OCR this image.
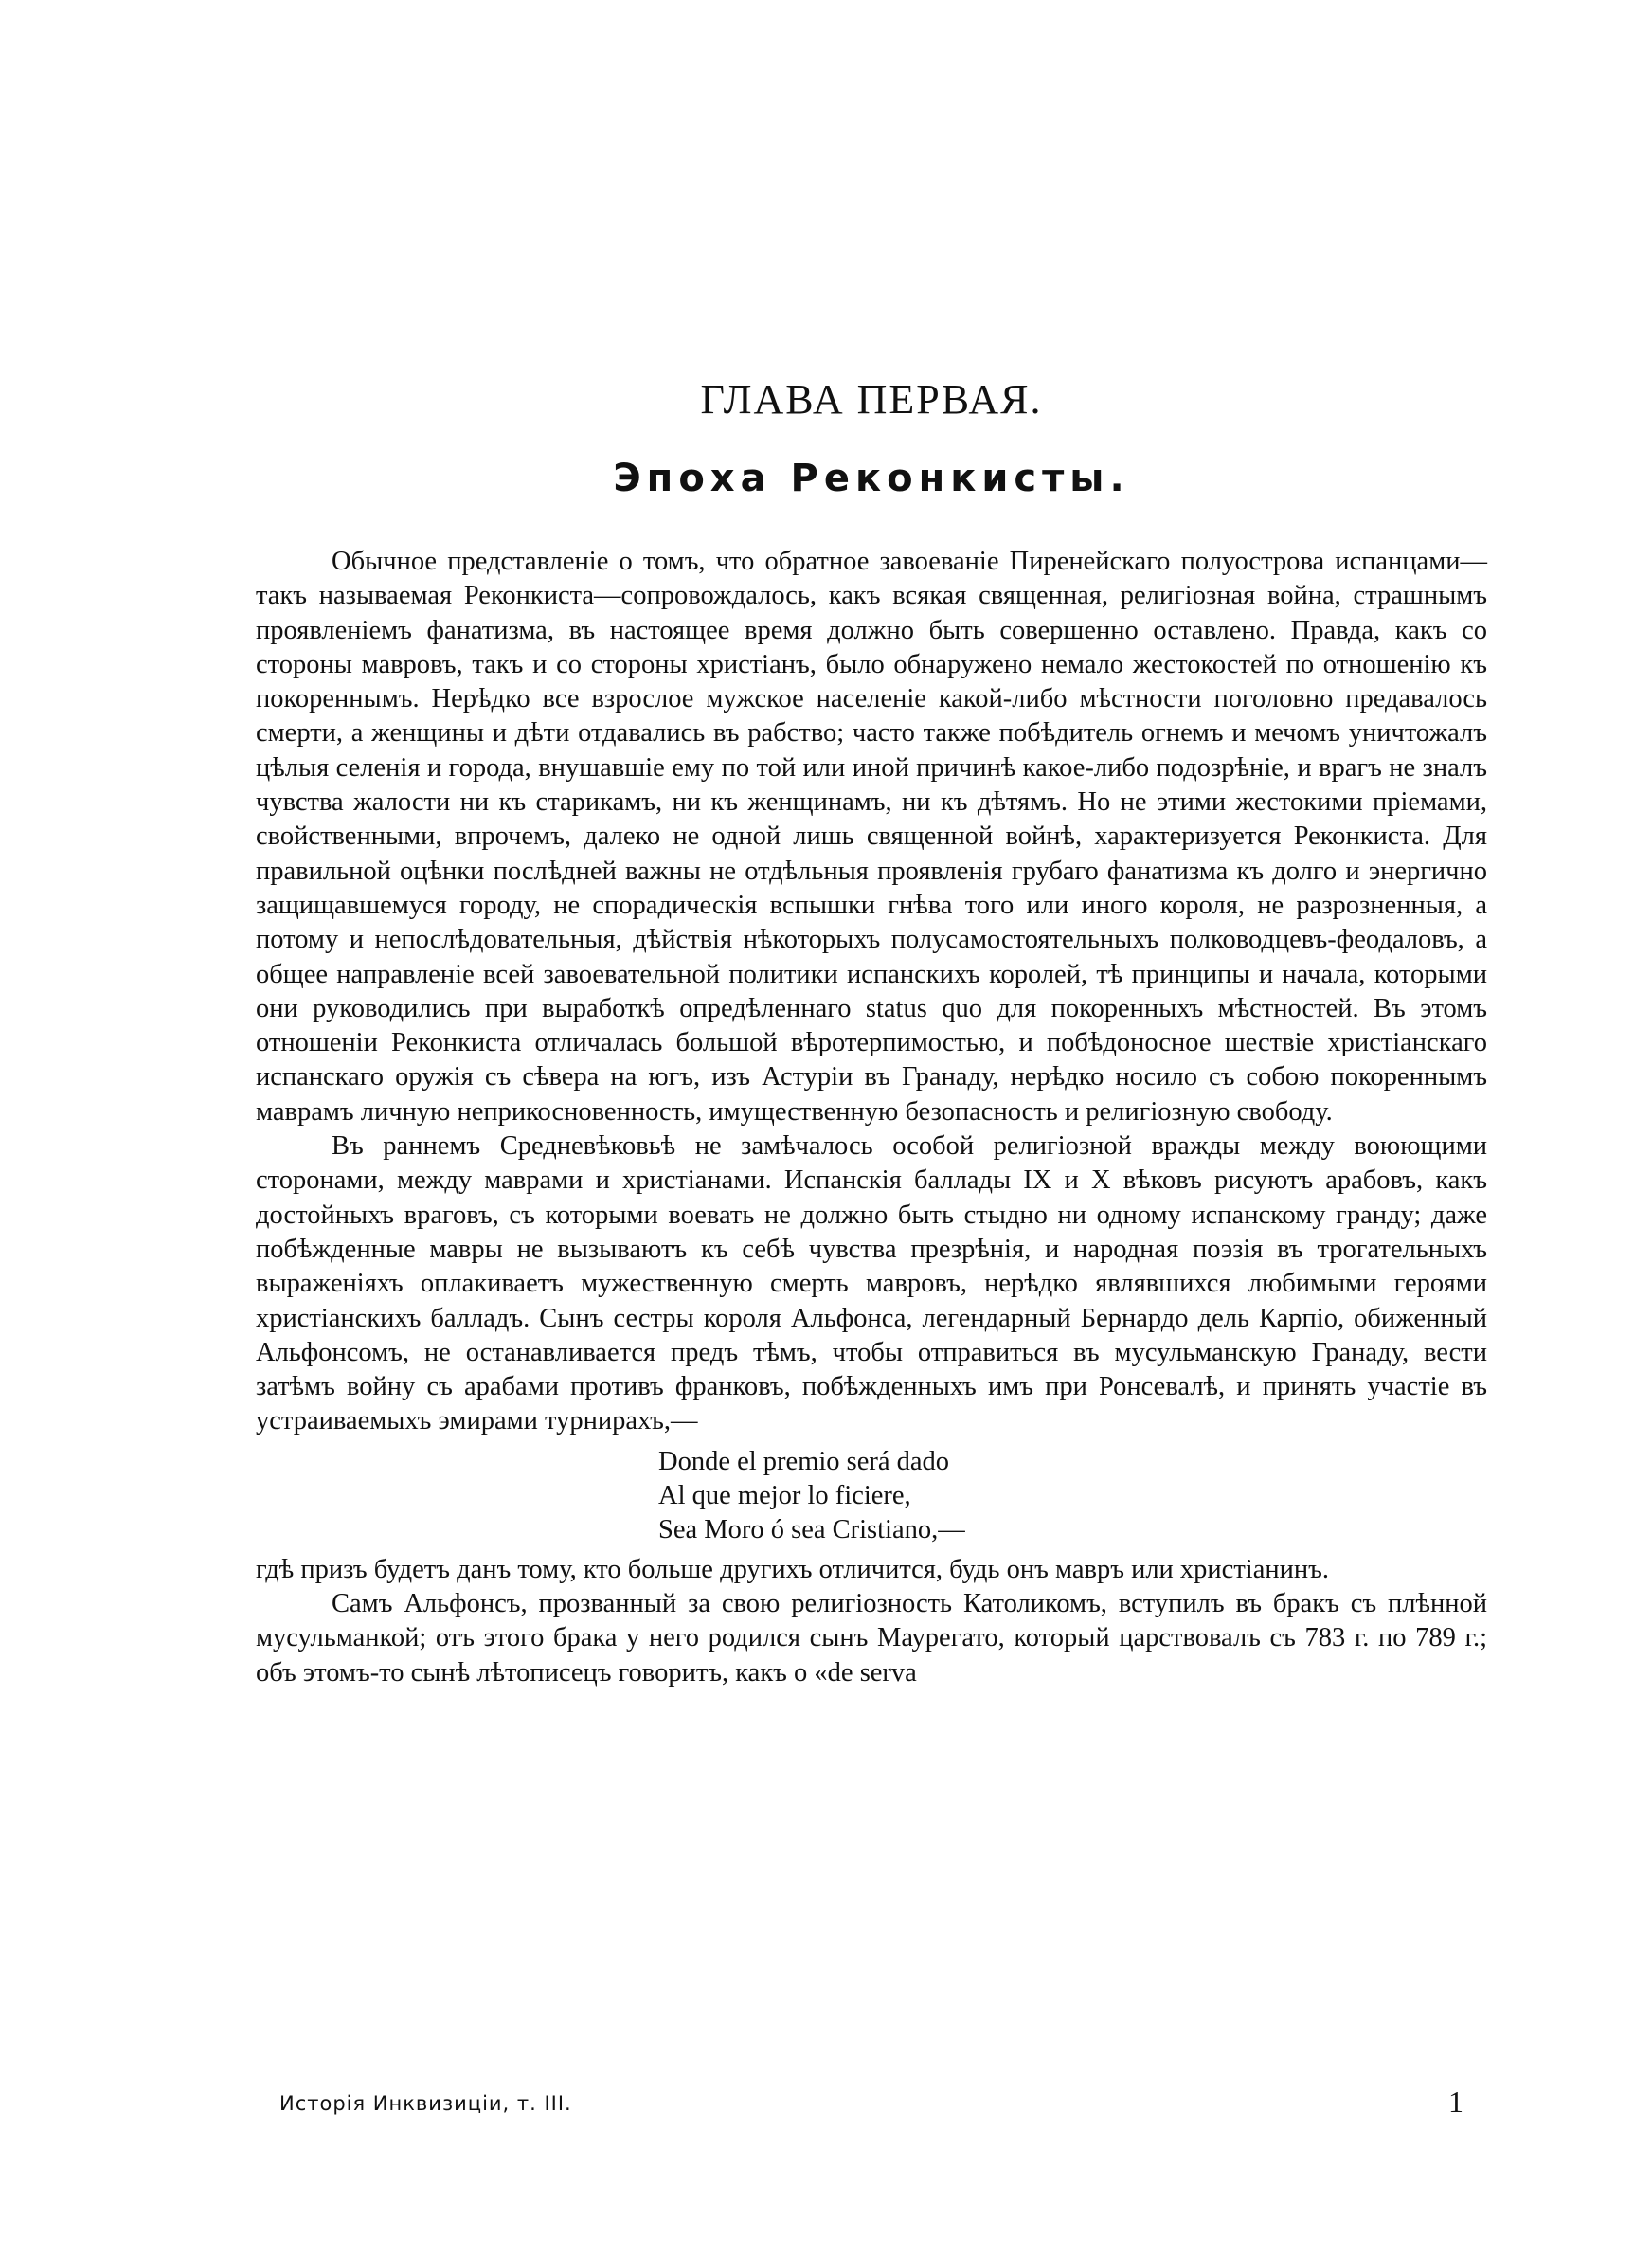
ГЛАВА ПЕРВАЯ.
Эпоха Реконкисты.

Обычное представленіе о томъ, что обратное завоеваніе Пиренейскаго полуострова испанцами—такъ называемая Реконкиста—сопровождалось, какъ всякая священная, религіозная война, страшнымъ проявленіемъ фанатизма, въ настоящее время должно быть совершенно оставлено. Правда, какъ со стороны мавровъ, такъ и со стороны христіанъ, было обнаружено немало жестокостей по отношенію къ покореннымъ. Нерѣдко все взрослое мужское населеніе какой-либо мѣстности поголовно предавалось смерти, а женщины и дѣти отдавались въ рабство; часто также побѣдитель огнемъ и мечомъ уничтожалъ цѣлыя селенія и города, внушавшіе ему по той или иной причинѣ какое-либо подозрѣніе, и врагъ не зналъ чувства жалости ни къ старикамъ, ни къ женщинамъ, ни къ дѣтямъ. Но не этими жестокими пріемами, свойственными, впрочемъ, далеко не одной лишь священной войнѣ, характеризуется Реконкиста. Для правильной оцѣнки послѣдней важны не отдѣльныя проявленія грубаго фанатизма къ долго и энергично защищавшемуся городу, не спорадическія вспышки гнѣва того или иного короля, не разрозненныя, а потому и непослѣдовательныя, дѣйствія нѣкоторыхъ полусамостоятельныхъ полководцевъ-феодаловъ, а общее направленіе всей завоевательной политики испанскихъ королей, тѣ принципы и начала, которыми они руководились при выработкѣ опредѣленнаго status quo для покоренныхъ мѣстностей. Въ этомъ отношеніи Реконкиста отличалась большой вѣротерпимостью, и побѣдоносное шествіе христіанскаго испанскаго оружія съ сѣвера на югъ, изъ Астуріи въ Гранаду, нерѣдко носило съ собою покореннымъ маврамъ личную неприкосновенность, имущественную безопасность и религіозную свободу.

Въ раннемъ Средневѣковьѣ не замѣчалось особой религіозной вражды между воюющими сторонами, между маврами и христіанами. Испанскія баллады IX и X вѣковъ рисуютъ арабовъ, какъ достойныхъ враговъ, съ которыми воевать не должно быть стыдно ни одному испанскому гранду; даже побѣжденные мавры не вызываютъ къ себѣ чувства презрѣнія, и народная поэзія въ трогательныхъ выраженіяхъ оплакиваетъ мужественную смерть мавровъ, нерѣдко являвшихся любимыми героями христіанскихъ балладъ. Сынъ сестры короля Альфонса, легендарный Бернардо дель Карпіо, обиженный Альфонсомъ, не останавливается предъ тѣмъ, чтобы отправиться въ мусульманскую Гранаду, вести затѣмъ войну съ арабами противъ франковъ, побѣжденныхъ имъ при Ронсевалѣ, и принять участіе въ устраиваемыхъ эмирами турнирахъ,—

Donde el premio será dado
Al que mejor lo ficiere,
Sea Moro ó sea Cristiano,—

гдѣ призъ будетъ данъ тому, кто больше другихъ отличится, будь онъ мавръ или христіанинъ.

Самъ Альфонсъ, прозванный за свою религіозность Католикомъ, вступилъ въ бракъ съ плѣнной мусульманкой; отъ этого брака у него родился сынъ Маурегато, который царствовалъ съ 783 г. по 789 г.; объ этомъ-то сынѣ лѣтописецъ говоритъ, какъ о «de serva

Исторія Инквизиціи, т. III.	1
